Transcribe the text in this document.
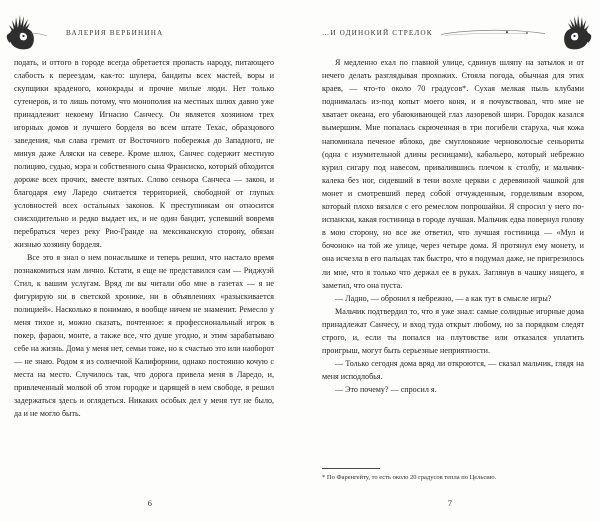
ВАЛЕРИЯ ВЕРБИНИНА

подать, и оттого в городе всегда обретается пропасть народу, питающего слабость к переездам, как-то: шулера, бандиты всех мастей, воры и скупщики краденого, конокрады и прочие милые люди. Нет только сутенеров, и то лишь потому, что монополия на местных шлюх давно уже принадлежит некоему Игнасио Санчесу. Он является хозяином трех игорных домов и лучшего борделя во всем штате Техас, образцового заведения, чья слава гремит от Восточного побережья до Западного, не минуя даже Аляски на севере. Кроме шлюх, Санчес содержит местную полицию, судью, мэра и собственного сына Франсиско, который обходится дороже всех прочих, вместе взятых. Слово сеньора Санчеса — закон, и благодаря ему Ларедо считается территорией, свободной от глупых условностей всех остальных законов. К преступникам он относится снисходительно и редко выдает их, и не один бандит, успевший вовремя перебраться через реку Рио-Гранде на мексиканскую сторону, обязан жизнью хозяину борделя.

Все это я знал о нем понаслышке и теперь решил, что настало время познакомиться нам лично. Кстати, я еще не представился сам — Риджуэй Стил, к вашим услугам. Вряд ли вы читали обо мне в газетах — я не фигурирую ни в светской хронике, ни в объявлениях «разыскивается полицией». Насколько я понимаю, я вообще ничем не знаменит. Ремесло у меня тихое и, можно сказать, почтенное: я профессиональный игрок в покер, фараон, монте, а также все, что душе угодно, и этим зарабатываю себе на жизнь. Дома у меня нет, семьи тоже, но к счастью это или наоборот — не знаю. Родом я из солнечной Калифорнии, однако постоянно кочую с места на место. Случилось так, что дорога привела меня в Ларедо, и, привлеченный молвой об этом городке и царящей в нем свободе, я решил задержаться здесь и оглядеться. Никаких особых дел у меня тут не было, да и не могло быть.

6
…И ОДИНОКИЙ СТРЕЛОК

Я медленно ехал по главной улице, сдвинув шляпу на затылок и от нечего делать разглядывая прохожих. Стояла погода, обычная для этих краев, — что-то около 70 градусов*. Сухая мелкая пыль клубами поднималась из-под копыт моего коня, и я почувствовал, что мне не хватает океана, его убаюкивающей глаз лазоревой шири. Городок казался вымершим. Мне попалась скрюченная в три погибели старуха, чья кожа напоминала печеное яблоко, две смуглокожие черноволосые сеньориты (одна с изумительной длины ресницами), кабальеро, который небрежно курил сигару под навесом, привалившись плечом к столбу, и мальчик-калека без ног, сидевший в тени возле церкви с деревянной чашкой для монет и смотревший перед собой отчужденным, горделивым взором, который плохо вязался с его ремеслом попрошайки. Я спросил у него по-испански, какая гостиница в городе лучшая. Мальчик едва повернул голову в мою сторону, но все же ответил, что лучшая гостиница — «Мул и бочонок» на той же улице, через четыре дома. Я протянул ему монету, и она исчезла в его пальцах так быстро, что я подумал даже, не пригрезилось ли мне, что я только что держал ее в руках. Заглянув в чашку нищего, я заметил, что она пуста.

— Ладно, — обронил я небрежно, — а как тут в смысле игры?

Мальчик подтвердил то, что я уже знал: самые солидные игорные дома принадлежат Санчесу, и вход туда открыт любому, но за порядком следят строго, и, если ты попался на плутовстве или отказался уплатить проигрыш, могут быть серьезные неприятности.

— Только сегодня дома вряд ли откроются, — сказал мальчик, глядя на меня исподлобья.

— Это почему? — спросил я.

* По Фаренгейту, то есть около 20 градусов тепла по Цельсию.
7
